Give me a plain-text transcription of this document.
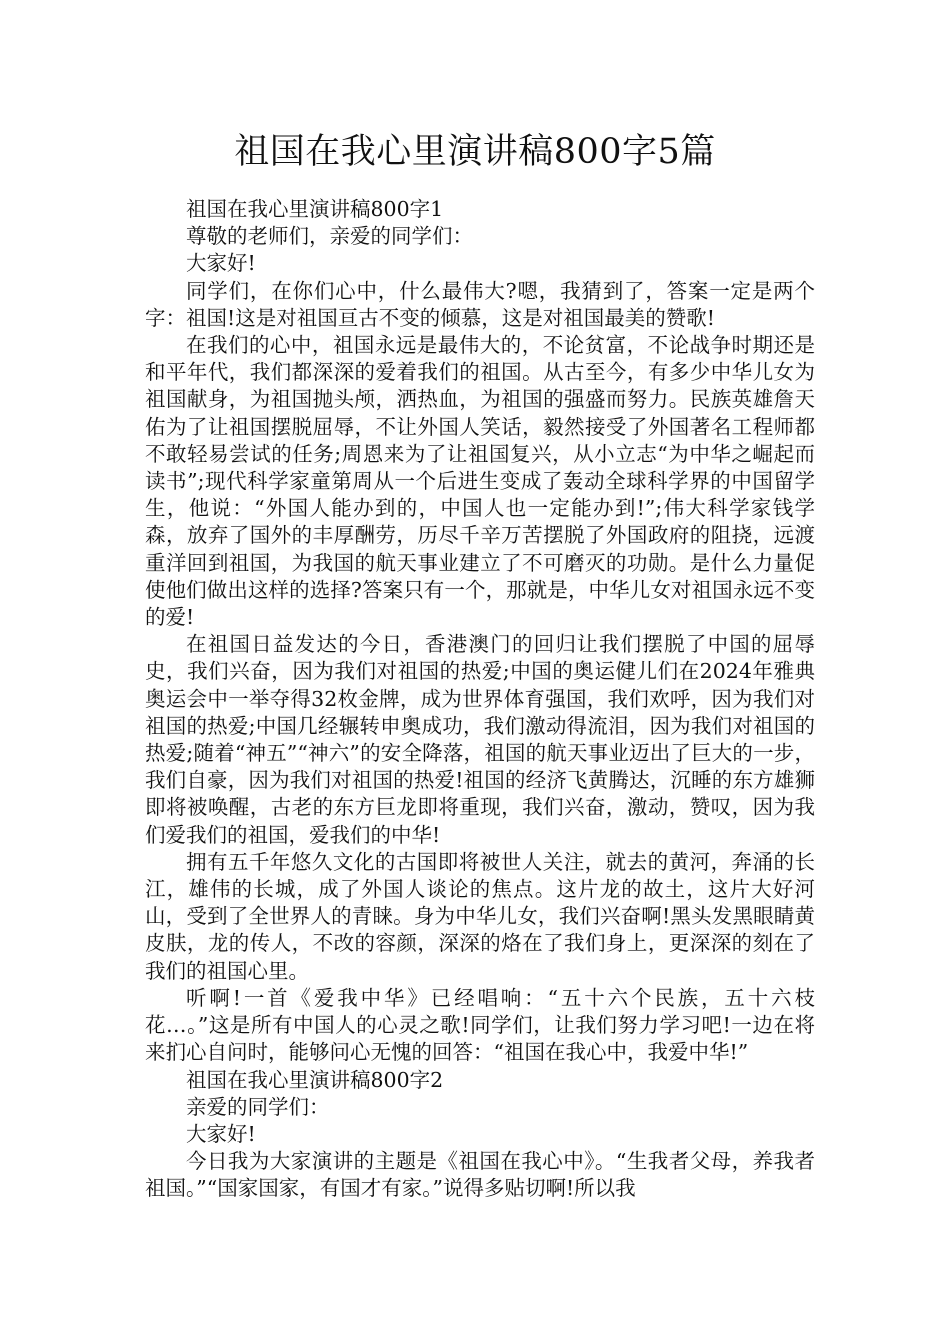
祖国在我心里演讲稿800字5篇

祖国在我心里演讲稿800字1

尊敬的老师们，亲爱的同学们：

大家好!

同学们，在你们心中，什么最伟大?嗯，我猜到了，答案一定是两个字：祖国!这是对祖国亘古不变的倾慕，这是对祖国最美的赞歌!

在我们的心中，祖国永远是最伟大的，不论贫富，不论战争时期还是和平年代，我们都深深的爱着我们的祖国。从古至今，有多少中华儿女为祖国献身，为祖国抛头颅，洒热血，为祖国的强盛而努力。民族英雄詹天佑为了让祖国摆脱屈辱，不让外国人笑话，毅然接受了外国著名工程师都不敢轻易尝试的任务;周恩来为了让祖国复兴，从小立志“为中华之崛起而读书”;现代科学家童第周从一个后进生变成了轰动全球科学界的中国留学生，他说：“外国人能办到的，中国人也一定能办到!”;伟大科学家钱学森，放弃了国外的丰厚酬劳，历尽千辛万苦摆脱了外国政府的阻挠，远渡重洋回到祖国，为我国的航天事业建立了不可磨灭的功勋。是什么力量促使他们做出这样的选择?答案只有一个，那就是，中华儿女对祖国永远不变的爱!

在祖国日益发达的今日，香港澳门的回归让我们摆脱了中国的屈辱史，我们兴奋，因为我们对祖国的热爱;中国的奥运健儿们在2024年雅典奥运会中一举夺得32枚金牌，成为世界体育强国，我们欢呼，因为我们对祖国的热爱;中国几经辗转申奥成功，我们激动得流泪，因为我们对祖国的热爱;随着“神五”“神六”的安全降落，祖国的航天事业迈出了巨大的一步，我们自豪，因为我们对祖国的热爱!祖国的经济飞黄腾达，沉睡的东方雄狮即将被唤醒，古老的东方巨龙即将重现，我们兴奋，激动，赞叹，因为我们爱我们的祖国，爱我们的中华!

拥有五千年悠久文化的古国即将被世人关注，就去的黄河，奔涌的长江，雄伟的长城，成了外国人谈论的焦点。这片龙的故土，这片大好河山，受到了全世界人的青睐。身为中华儿女，我们兴奋啊!黑头发黑眼睛黄皮肤，龙的传人，不改的容颜，深深的烙在了我们身上，更深深的刻在了我们的祖国心里。

听啊!一首《爱我中华》已经唱响：“五十六个民族，五十六枝花…。”这是所有中国人的心灵之歌!同学们，让我们努力学习吧!一边在将来扪心自问时，能够问心无愧的回答：“祖国在我心中，我爱中华!”

祖国在我心里演讲稿800字2

亲爱的同学们：

大家好!

今日我为大家演讲的主题是《祖国在我心中》。“生我者父母，养我者祖国。”“国家国家，有国才有家。”说得多贴切啊!所以我
